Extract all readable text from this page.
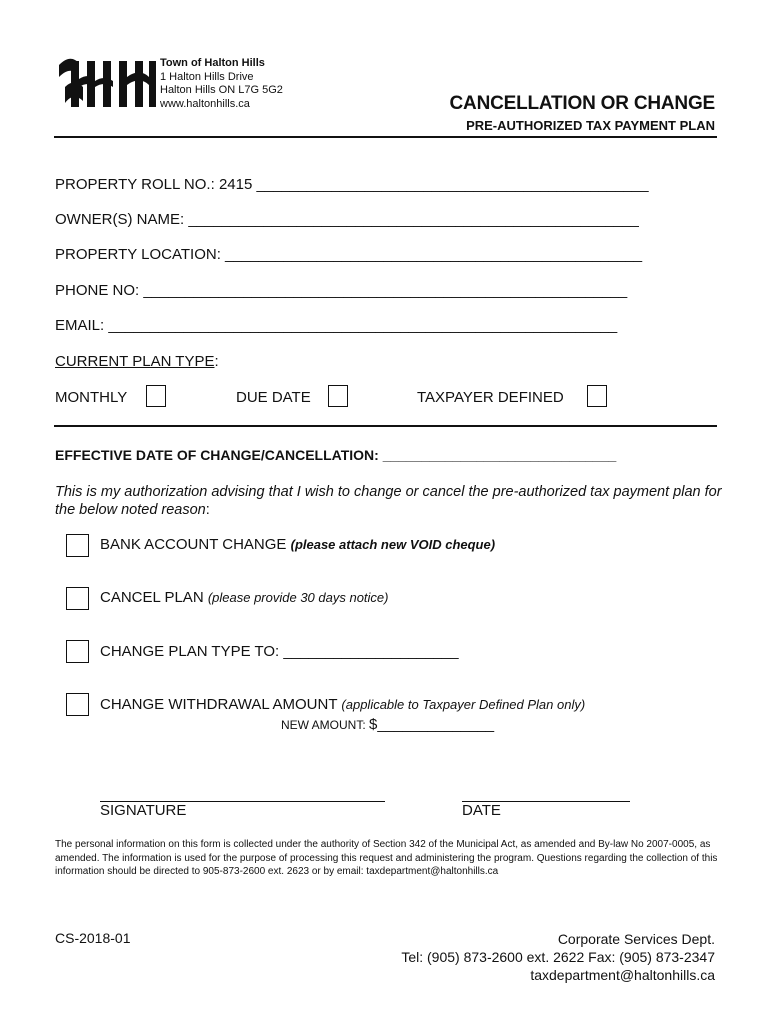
Town of Halton Hills
1 Halton Hills Drive
Halton Hills ON L7G 5G2
www.haltonhills.ca	CANCELLATION OR CHANGE
PRE-AUTHORIZED TAX PAYMENT PLAN
PROPERTY ROLL NO.: 2415 _______________________________________________
OWNER(S) NAME: ______________________________________________________
PROPERTY LOCATION: __________________________________________________
PHONE NO: __________________________________________________________
EMAIL: _____________________________________________________________
CURRENT PLAN TYPE:
MONTHLY	DUE DATE	TAXPAYER DEFINED
EFFECTIVE DATE OF CHANGE/CANCELLATION: ______________________________
This is my authorization advising that I wish to change or cancel the pre-authorized tax payment plan for the below noted reason:
BANK ACCOUNT CHANGE (please attach new VOID cheque)
CANCEL PLAN (please provide 30 days notice)
CHANGE PLAN TYPE TO: _____________________
CHANGE WITHDRAWAL AMOUNT (applicable to Taxpayer Defined Plan only)
NEW AMOUNT: $______________
SIGNATURE	DATE
The personal information on this form is collected under the authority of Section 342 of the Municipal Act, as amended and By-law No 2007-0005, as amended. The information is used for the purpose of processing this request and administering the program. Questions regarding the collection of this information should be directed to 905-873-2600 ext. 2623 or by email: taxdepartment@haltonhills.ca
CS-2018-01	Corporate Services Dept.
Tel: (905) 873-2600 ext. 2622 Fax: (905) 873-2347
taxdepartment@haltonhills.ca
